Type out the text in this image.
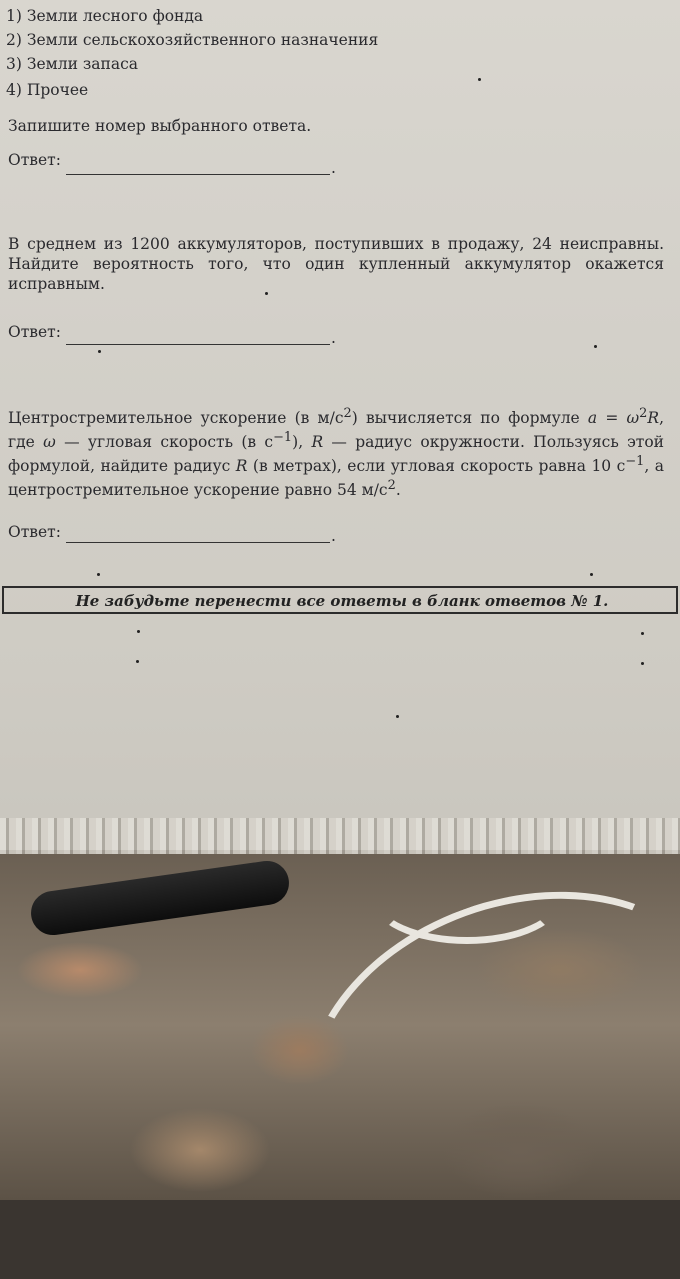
1) Земли лесного фонда
2) Земли сельскохозяйственного назначения
3) Земли запаса
4) Прочее
Запишите номер выбранного ответа.
Ответ:	.
В среднем из 1200 аккумуляторов, поступивших в продажу, 24 неисправны. Найдите вероятность того, что один купленный аккумулятор окажется исправным.
Ответ:	.
Центростремительное ускорение (в $м/с^2$) вычисляется по формуле $a = \omega^2R$, где ω — угловая скорость (в $с^{-1}$), R — радиус окружности. Пользуясь этой формулой, найдите радиус R (в метрах), если угловая скорость равна 10 $с^{-1}$, а центростремительное ускорение равно 54 $м/с^2$.
Ответ:	.
Не забудьте перенести все ответы в бланк ответов № 1.
